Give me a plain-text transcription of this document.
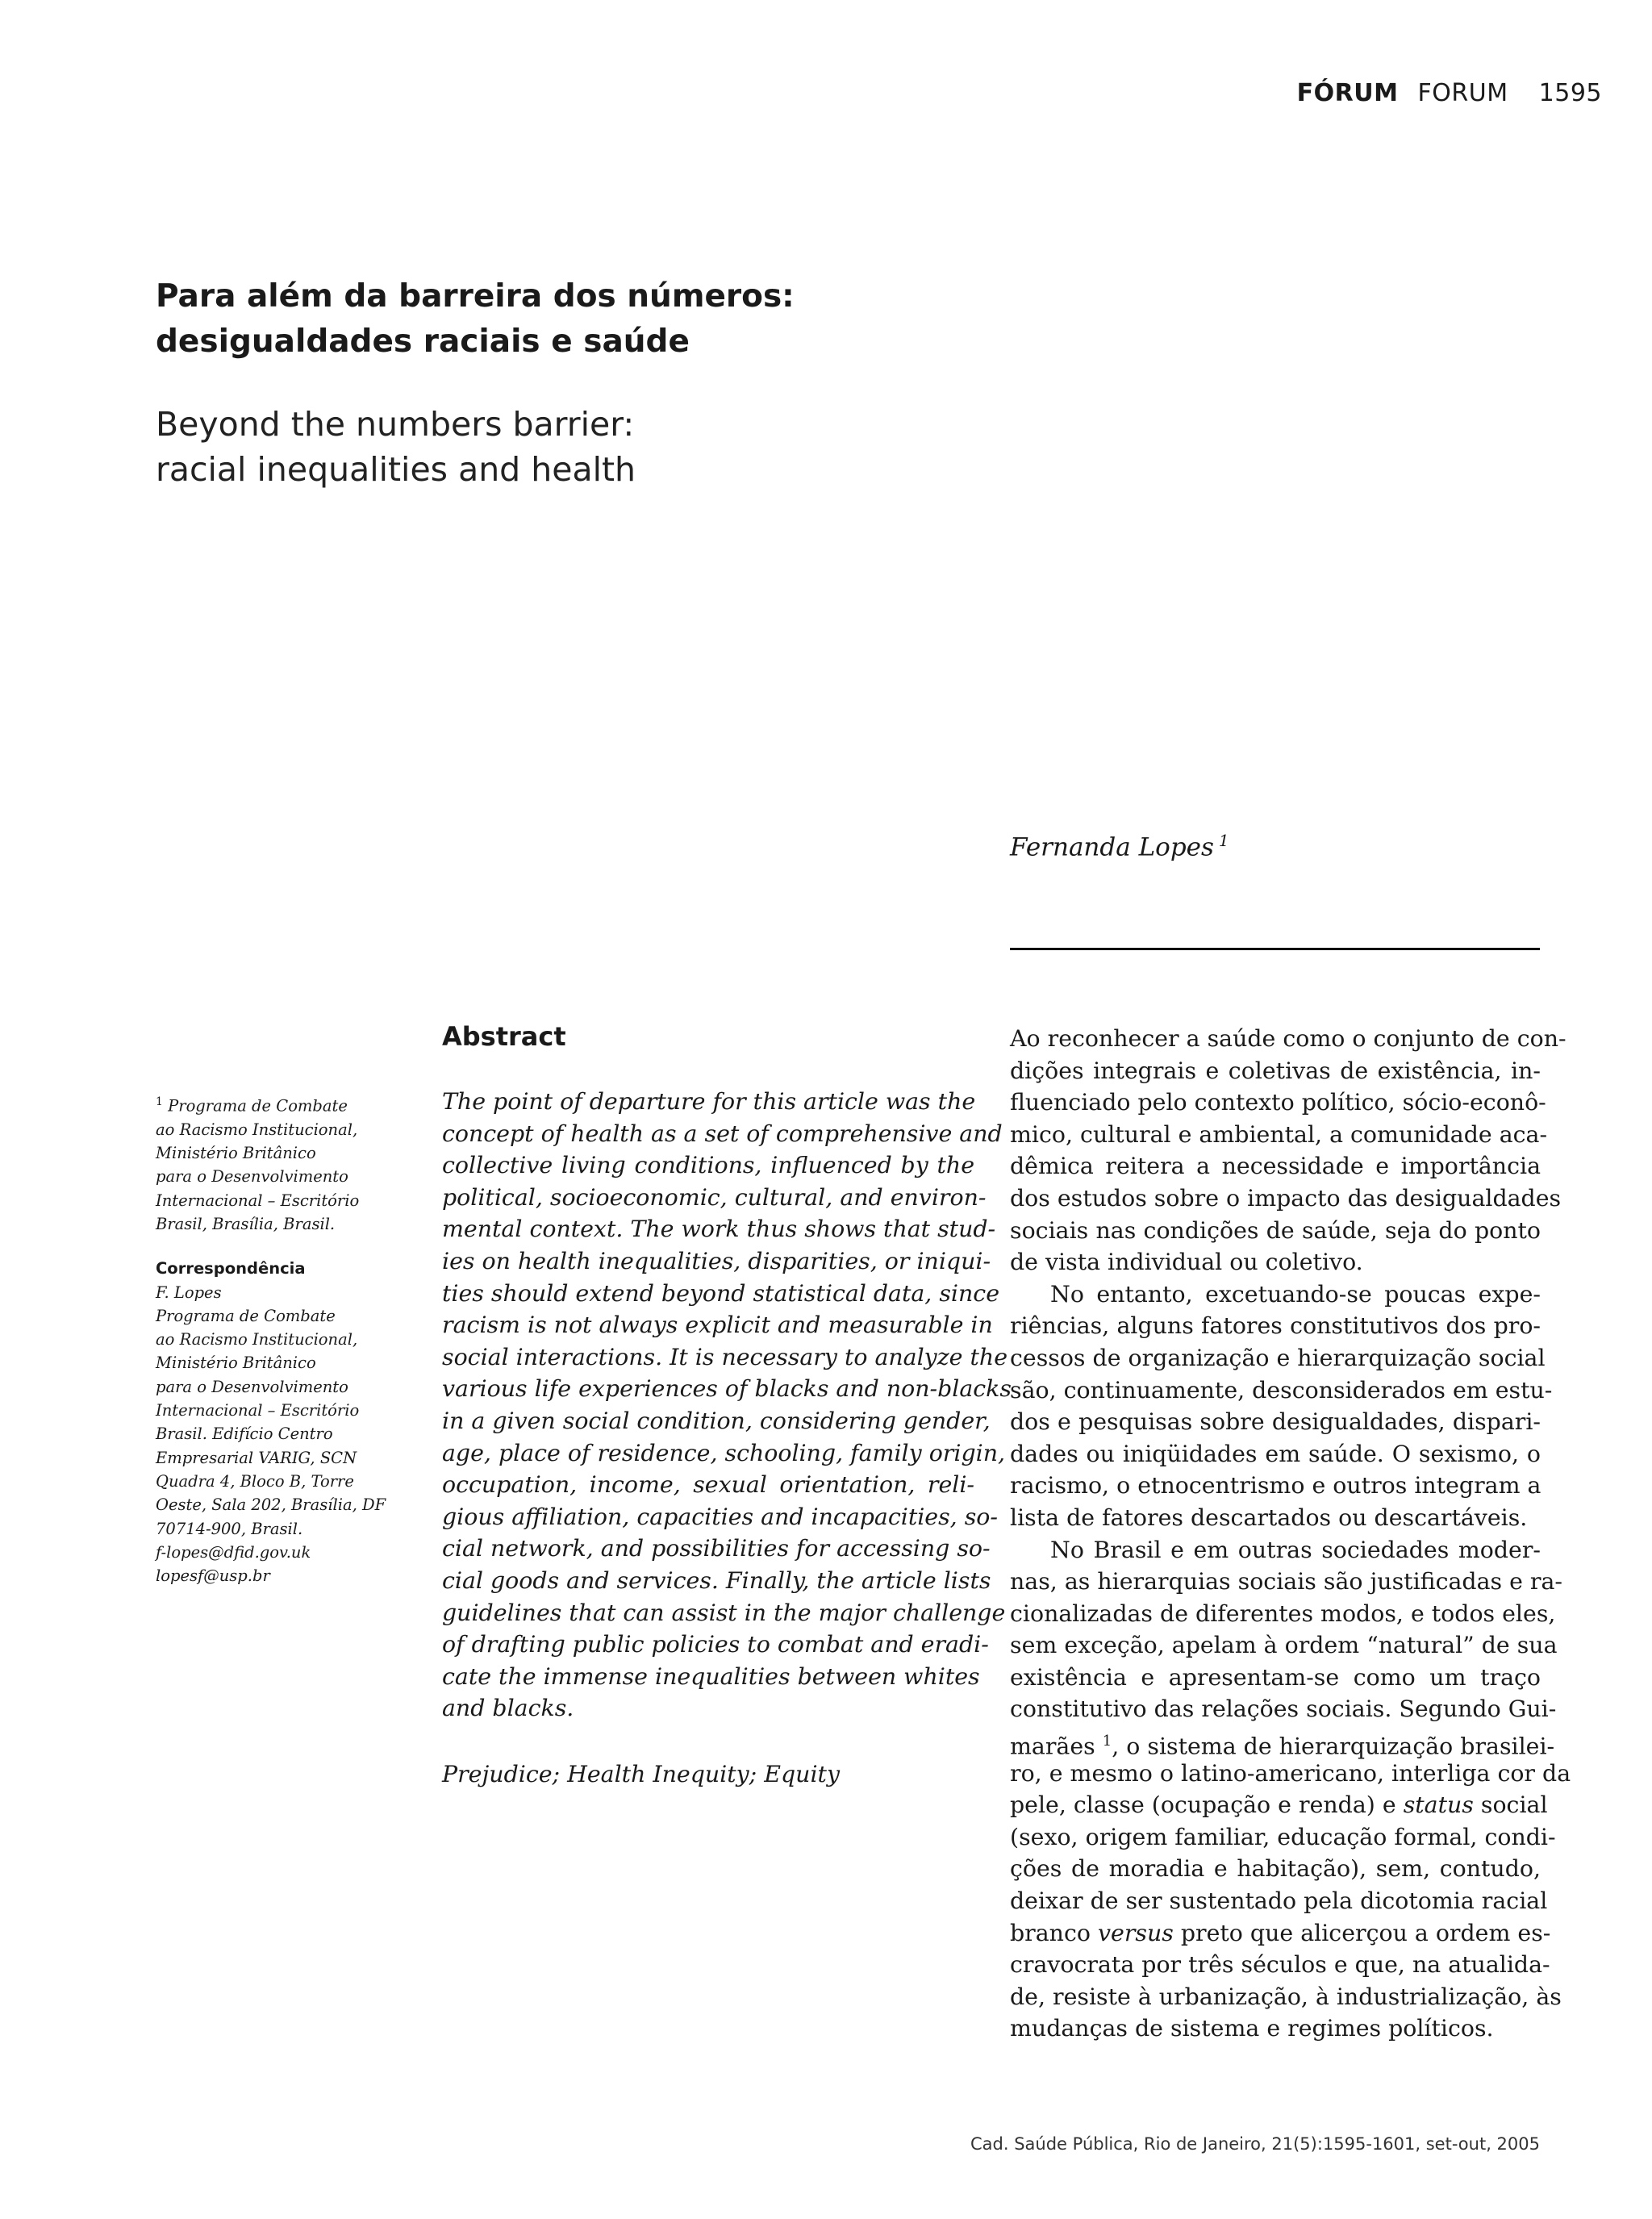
FÓRUM FORUM 1595
Para além da barreira dos números:
desigualdades raciais e saúde
Beyond the numbers barrier:
racial inequalities and health
Fernanda Lopes $^1$
$^1$ Programa de Combate
ao Racismo Institucional,
Ministério Britânico
para o Desenvolvimento
Internacional – Escritório
Brasil, Brasília, Brasil.
Correspondência
F. Lopes
Programa de Combate
ao Racismo Institucional,
Ministério Britânico
para o Desenvolvimento
Internacional – Escritório
Brasil. Edifício Centro
Empresarial VARIG, SCN
Quadra 4, Bloco B, Torre
Oeste, Sala 202, Brasília, DF
70714-900, Brasil.
f-lopes@dfid.gov.uk
lopesf@usp.br
Abstract
The point of departure for this article was the
concept of health as a set of comprehensive and
collective living conditions, influenced by the
political, socioeconomic, cultural, and environ-
mental context. The work thus shows that stud-
ies on health inequalities, disparities, or iniqui-
ties should extend beyond statistical data, since
racism is not always explicit and measurable in
social interactions. It is necessary to analyze the
various life experiences of blacks and non-blacks
in a given social condition, considering gender,
age, place of residence, schooling, family origin,
occupation, income, sexual orientation, reli-
gious affiliation, capacities and incapacities, so-
cial network, and possibilities for accessing so-
cial goods and services. Finally, the article lists
guidelines that can assist in the major challenge
of drafting public policies to combat and eradi-
cate the immense inequalities between whites
and blacks.
Prejudice; Health Inequity; Equity
Ao reconhecer a saúde como o conjunto de con-
dições integrais e coletivas de existência, in-
fluenciado pelo contexto político, sócio-econô-
mico, cultural e ambiental, a comunidade aca-
dêmica reitera a necessidade e importância
dos estudos sobre o impacto das desigualdades
sociais nas condições de saúde, seja do ponto
de vista individual ou coletivo.
No entanto, excetuando-se poucas expe-
riências, alguns fatores constitutivos dos pro-
cessos de organização e hierarquização social
são, continuamente, desconsiderados em estu-
dos e pesquisas sobre desigualdades, dispari-
dades ou iniqüidades em saúde. O sexismo, o
racismo, o etnocentrismo e outros integram a
lista de fatores descartados ou descartáveis.
No Brasil e em outras sociedades moder-
nas, as hierarquias sociais são justificadas e ra-
cionalizadas de diferentes modos, e todos eles,
sem exceção, apelam à ordem “natural” de sua
existência e apresentam-se como um traço
constitutivo das relações sociais. Segundo Gui-
marães $^1$, o sistema de hierarquização brasilei-
ro, e mesmo o latino-americano, interliga cor da
pele, classe (ocupação e renda) e status social
(sexo, origem familiar, educação formal, condi-
ções de moradia e habitação), sem, contudo,
deixar de ser sustentado pela dicotomia racial
branco versus preto que alicerçou a ordem es-
cravocrata por três séculos e que, na atualida-
de, resiste à urbanização, à industrialização, às
mudanças de sistema e regimes políticos.
Cad. Saúde Pública, Rio de Janeiro, 21(5):1595-1601, set-out, 2005
